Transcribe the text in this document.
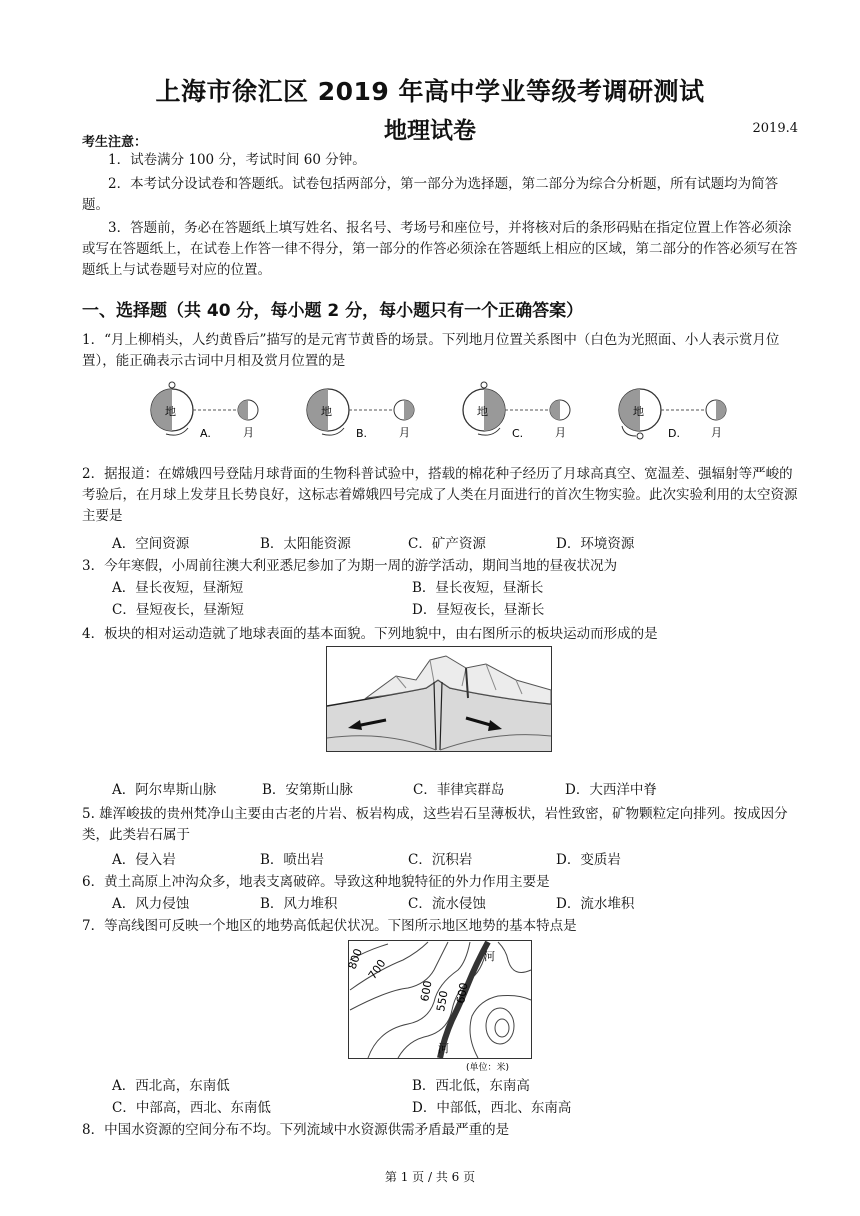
上海市徐汇区 2019 年高中学业等级考调研测试
地理试卷	2019.4
考生注意：
1．试卷满分 100 分，考试时间 60 分钟。
2．本考试分设试卷和答题纸。试卷包括两部分，第一部分为选择题，第二部分为综合分析题，所有试题均为简答题。
3．答题前，务必在答题纸上填写姓名、报名号、考场号和座位号，并将核对后的条形码贴在指定位置上作答必须涂或写在答题纸上，在试卷上作答一律不得分，第一部分的作答必须涂在答题纸上相应的区域，第二部分的作答必须写在答题纸上与试卷题号对应的位置。
一、选择题（共 40 分，每小题 2 分，每小题只有一个正确答案）
1．“月上柳梢头，人约黄昏后”描写的是元宵节黄昏的场景。下列地月位置关系图中（白色为光照面、小人表示赏月位置），能正确表示古词中月相及赏月位置的是
地	地	地	地
月	月	月	月
A.	B.	C.	D.
2．据报道：在嫦娥四号登陆月球背面的生物科普试验中，搭载的棉花种子经历了月球高真空、宽温差、强辐射等严峻的考验后，在月球上发芽且长势良好，这标志着嫦娥四号完成了人类在月面进行的首次生物实验。此次实验利用的太空资源主要是
A．空间资源	B．太阳能资源	C．矿产资源	D．环境资源
3．今年寒假，小周前往澳大利亚悉尼参加了为期一周的游学活动，期间当地的昼夜状况为
A．昼长夜短，昼渐短	B．昼长夜短，昼渐长
C．昼短夜长，昼渐短	D．昼短夜长，昼渐长
4．板块的相对运动造就了地球表面的基本面貌。下列地貌中，由右图所示的板块运动而形成的是
A．阿尔卑斯山脉	B．安第斯山脉	C．菲律宾群岛	D．大西洋中脊
5. 雄浑峻拔的贵州梵净山主要由古老的片岩、板岩构成，这些岩石呈薄板状，岩性致密，矿物颗粒定向排列。按成因分类，此类岩石属于
A．侵入岩	B．喷出岩	C．沉积岩	D．变质岩
6．黄土高原上冲沟众多，地表支离破碎。导致这种地貌特征的外力作用主要是
A．风力侵蚀	B．风力堆积	C．流水侵蚀	D．流水堆积
7．等高线图可反映一个地区的地势高低起伏状况。下图所示地区地势的基本特点是
800 700
600 550 600
河
河
(单位：米)
A．西北高，东南低	B．西北低，东南高
C．中部高，西北、东南低	D．中部低，西北、东南高
8．中国水资源的空间分布不均。下列流域中水资源供需矛盾最严重的是
第 1 页 / 共 6 页
